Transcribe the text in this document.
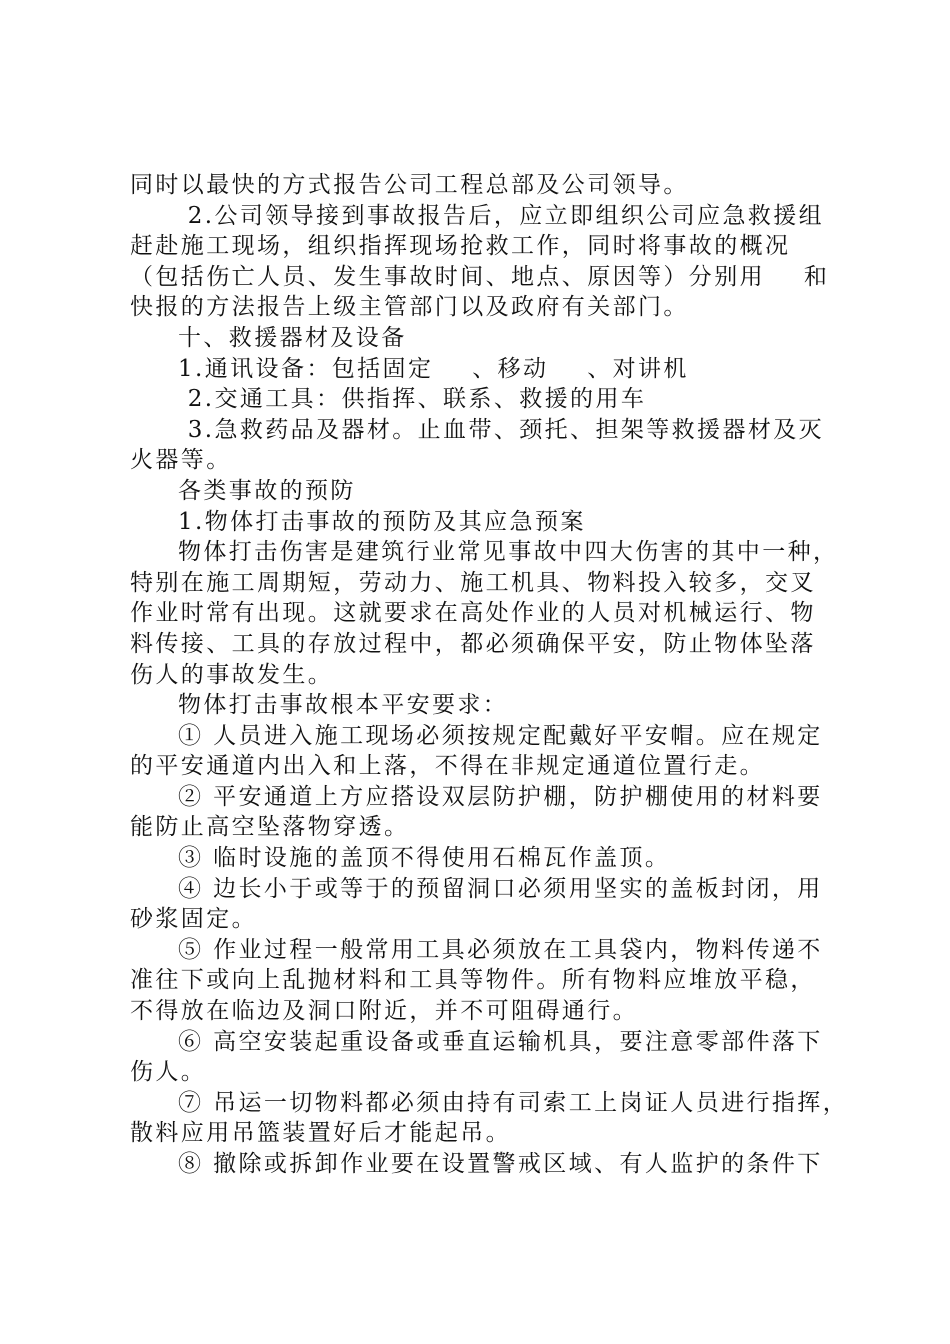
同时以最快的方式报告公司工程总部及公司领导。
2.公司领导接到事故报告后，应立即组织公司应急救援组
赶赴施工现场，组织指挥现场抢救工作，同时将事故的概况
（包括伤亡人员、发生事故时间、地点、原因等）分别用    和
快报的方法报告上级主管部门以及政府有关部门。
十、救援器材及设备
1.通讯设备：包括固定    、移动    、对讲机
2.交通工具：供指挥、联系、救援的用车
3.急救药品及器材。止血带、颈托、担架等救援器材及灭
火器等。
各类事故的预防
1.物体打击事故的预防及其应急预案
物体打击伤害是建筑行业常见事故中四大伤害的其中一种，
特别在施工周期短，劳动力、施工机具、物料投入较多，交叉
作业时常有出现。这就要求在高处作业的人员对机械运行、物
料传接、工具的存放过程中，都必须确保平安，防止物体坠落
伤人的事故发生。
物体打击事故根本平安要求：
① 人员进入施工现场必须按规定配戴好平安帽。应在规定
的平安通道内出入和上落，不得在非规定通道位置行走。
② 平安通道上方应搭设双层防护棚，防护棚使用的材料要
能防止高空坠落物穿透。
③ 临时设施的盖顶不得使用石棉瓦作盖顶。
④ 边长小于或等于的预留洞口必须用坚实的盖板封闭，用
砂浆固定。
⑤ 作业过程一般常用工具必须放在工具袋内，物料传递不
准往下或向上乱抛材料和工具等物件。所有物料应堆放平稳，
不得放在临边及洞口附近，并不可阻碍通行。
⑥ 高空安装起重设备或垂直运输机具，要注意零部件落下
伤人。
⑦ 吊运一切物料都必须由持有司索工上岗证人员进行指挥，
散料应用吊篮装置好后才能起吊。
⑧ 撤除或拆卸作业要在设置警戒区域、有人监护的条件下
